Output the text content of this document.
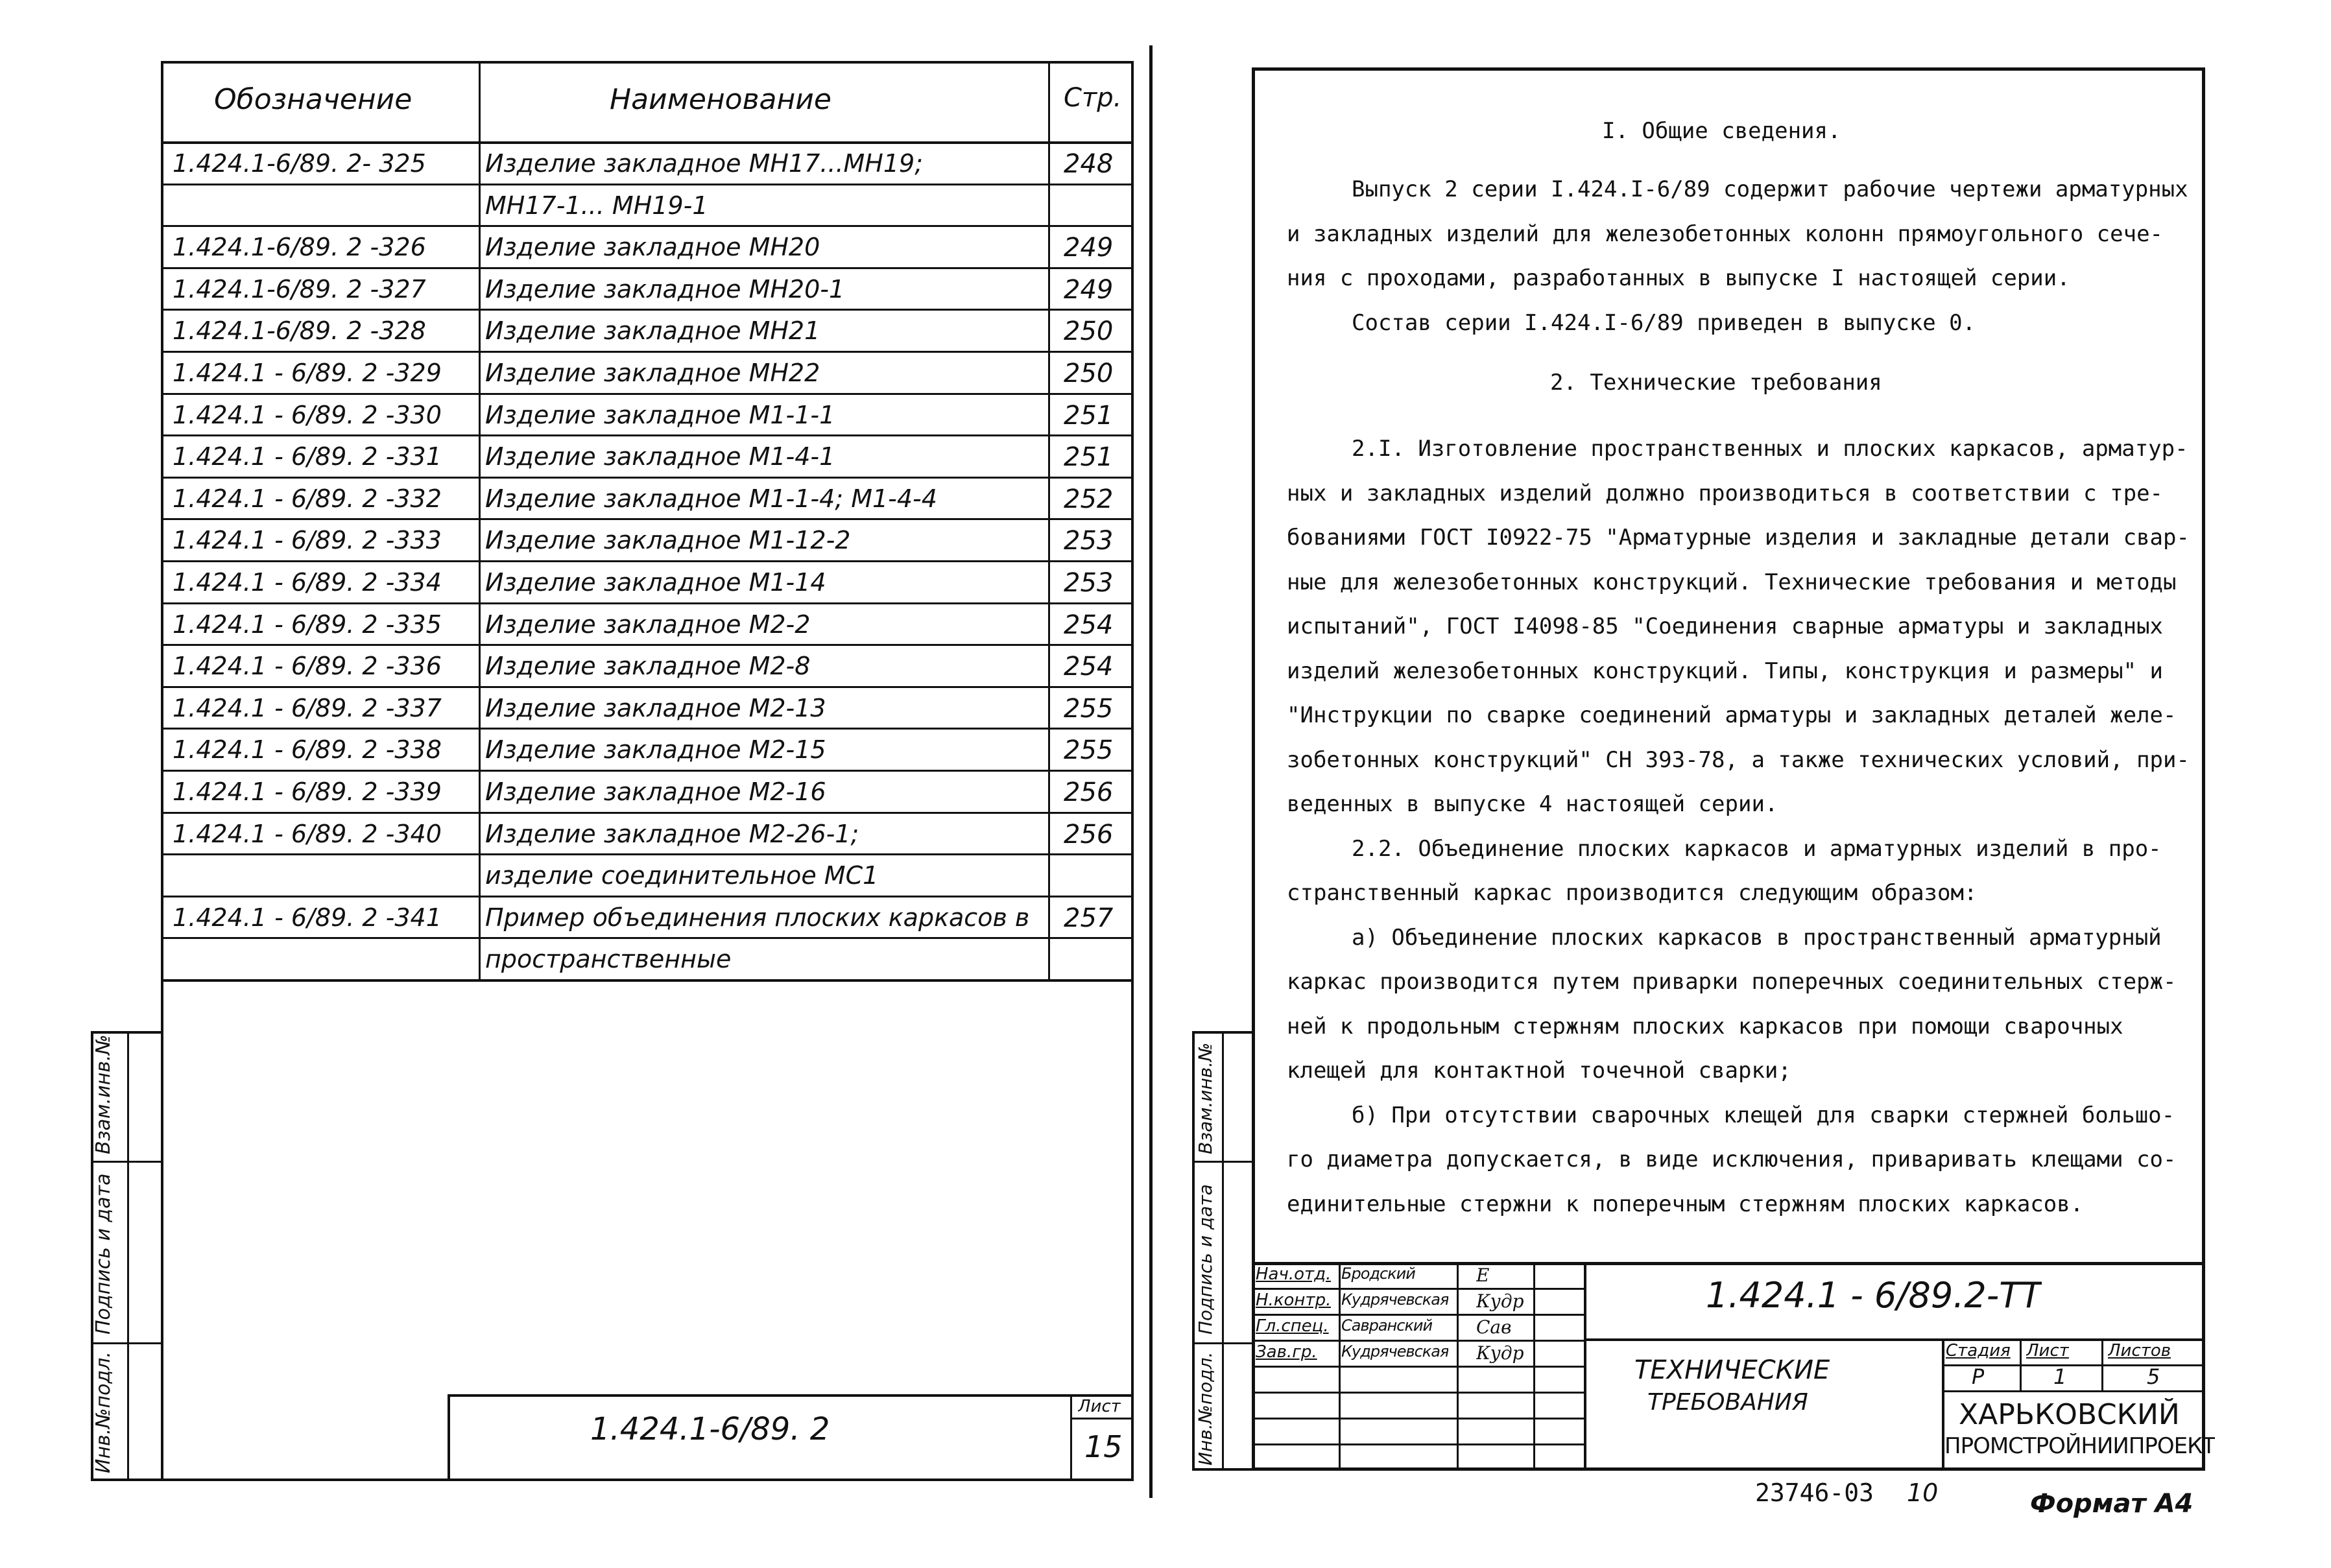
Обозначение	Наименование	Стр.
1.424.1-6/89. 2- 325 Изделие закладное МН17...МН19;	248
МН17-1... МН19-1
1.424.1-6/89. 2 -326 Изделие закладное МН20	249
1.424.1-6/89. 2 -327 Изделие закладное МН20-1	249
1.424.1-6/89. 2 -328 Изделие закладное МН21	250
1.424.1 - 6/89. 2 -329 Изделие закладное МН22	250
1.424.1 - 6/89. 2 -330 Изделие закладное М1-1-1	251
1.424.1 - 6/89. 2 -331 Изделие закладное М1-4-1	251
1.424.1 - 6/89. 2 -332 Изделие закладное М1-1-4; М1-4-4	252
1.424.1 - 6/89. 2 -333 Изделие закладное М1-12-2	253
1.424.1 - 6/89. 2 -334 Изделие закладное М1-14	253
1.424.1 - 6/89. 2 -335 Изделие закладное М2-2	254
1.424.1 - 6/89. 2 -336 Изделие закладное М2-8	254
1.424.1 - 6/89. 2 -337 Изделие закладное М2-13	255
1.424.1 - 6/89. 2 -338 Изделие закладное М2-15	255
1.424.1 - 6/89. 2 -339 Изделие закладное М2-16	256
1.424.1 - 6/89. 2 -340 Изделие закладное М2-26-1;	256
изделие соединительное МС1
1.424.1 - 6/89. 2 -341 Пример объединения плоских каркасов в 257
пространственные
Инв.№подл.
Подпись и дата
Взам.инв.№
1.424.1-6/89. 2
Лист
15
I. Общие сведения.
Выпуск 2 серии I.424.I-6/89 содержит рабочие чертежи арматурных
и закладных изделий для железобетонных колонн прямоугольного сече-
ния с проходами, разработанных в выпуске I настоящей серии.
Состав серии I.424.I-6/89 приведен в выпуске 0.
2. Технические требования
2.I. Изготовление пространственных и плоских каркасов, арматур-
ных и закладных изделий должно производиться в соответствии с тре-
бованиями ГОСТ I0922-75 "Арматурные изделия и закладные детали свар-
ные для железобетонных конструкций. Технические требования и методы
испытаний", ГОСТ I4098-85 "Соединения сварные арматуры и закладных
изделий железобетонных конструкций. Типы, конструкция и размеры" и
"Инструкции по сварке соединений арматуры и закладных деталей желе-
зобетонных конструкций" СН 393-78, а также технических условий, при-
веденных в выпуске 4 настоящей серии.
2.2. Объединение плоских каркасов и арматурных изделий в про-
странственный каркас производится следующим образом:
а) Объединение плоских каркасов в пространственный арматурный
каркас производится путем приварки поперечных соединительных стерж-
ней к продольным стержням плоских каркасов при помощи сварочных
клещей для контактной точечной сварки;
б) При отсутствии сварочных клещей для сварки стержней большо-
го диаметра допускается, в виде исключения, приваривать клещами со-
единительные стержни к поперечным стержням плоских каркасов.
Инв.№подл.
Подпись и дата
Взам.инв.№
Нач.отд. Бродский	Е
Н.контр. Кудрячевская Кудр
Гл.спец. Савранский Сав
Зав.гр. Кудрячевская Кудр
1.424.1 - 6/89.2-ТТ
ТЕХНИЧЕСКИЕ
ТРЕБОВАНИЯ
Стадия Лист Листов
Р	1	5
ХАРЬКОВСКИЙ
ПРОМСТРОЙНИИПРОЕКТ
23746-03 10	Формат А4
